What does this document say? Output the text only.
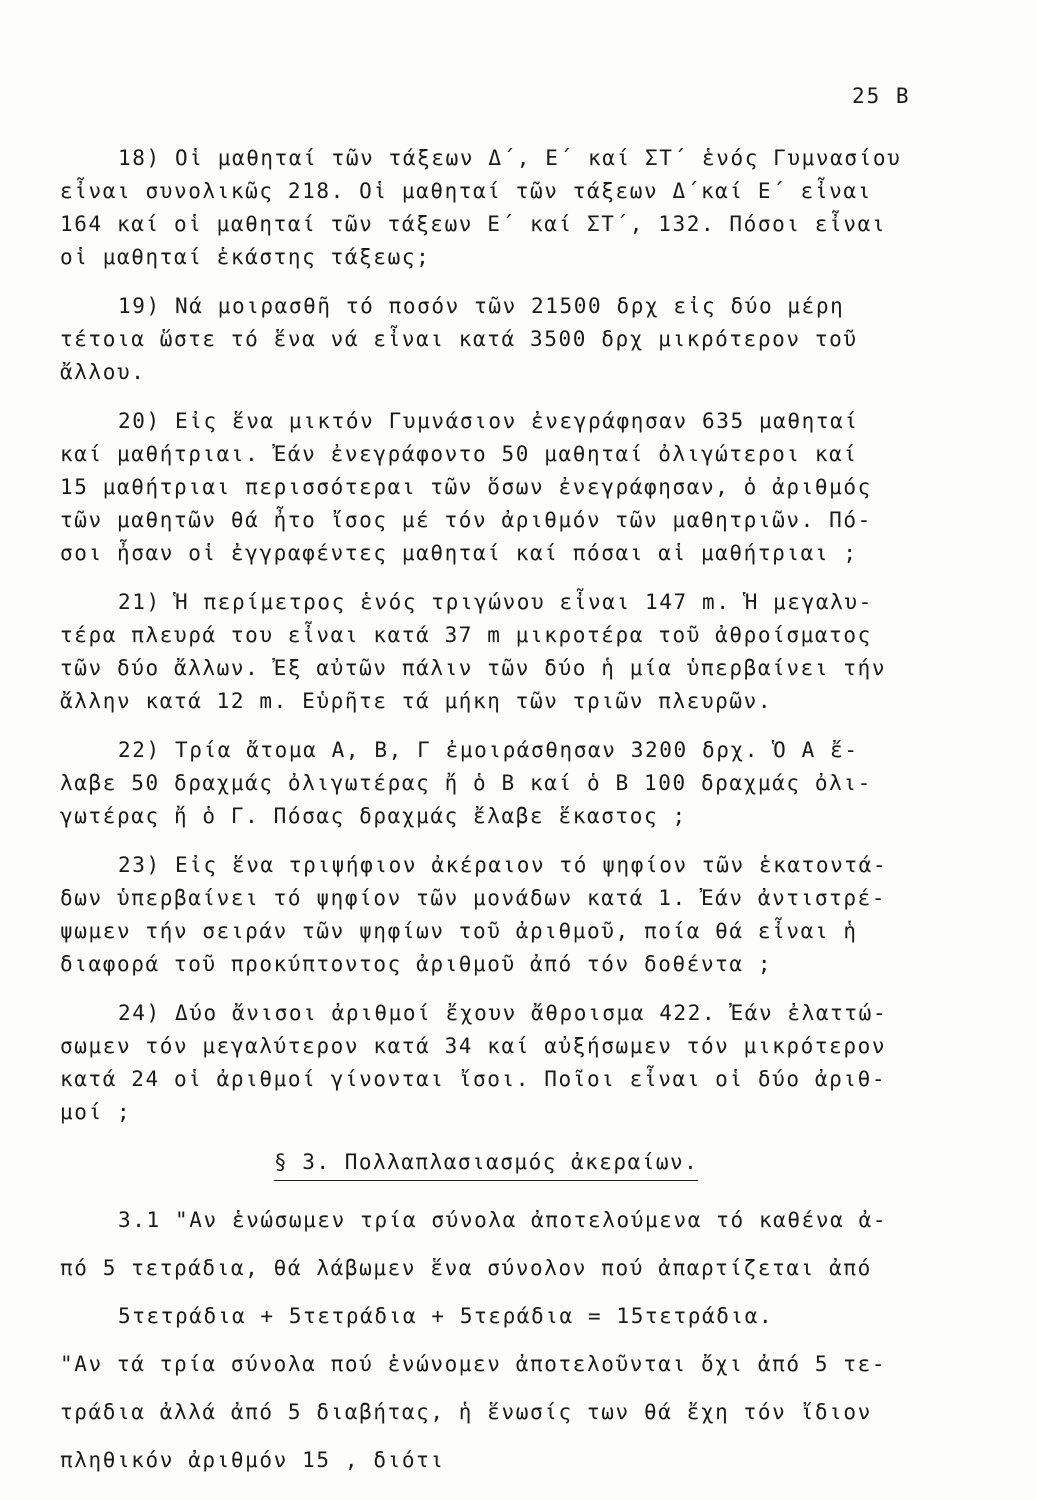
25 Β
18) Οἱ μαθηταί τῶν τάξεων Δ΄, Ε΄ καί ΣΤ΄ ἑνός Γυμνασίου
εἶναι συνολικῶς 218. Οἱ μαθηταί τῶν τάξεων Δ΄καί Ε΄ εἶναι
164 καί οἱ μαθηταί τῶν τάξεων Ε΄ καί ΣΤ΄, 132. Πόσοι εἶναι
οἱ μαθηταί ἑκάστης τάξεως;
19) Νά μοιρασθῆ τό ποσόν τῶν 21500 δρχ εἰς δύο μέρη
τέτοια ὥστε τό ἕνα νά εἶναι κατά 3500 δρχ μικρότερον τοῦ
ἄλλου.
20) Εἰς ἕνα μικτόν Γυμνάσιον ἐνεγράφησαν 635 μαθηταί
καί μαθήτριαι. Ἐάν ἐνεγράφοντο 50 μαθηταί ὀλιγώτεροι καί
15 μαθήτριαι περισσότεραι τῶν ὅσων ἐνεγράφησαν, ὁ ἀριθμός
τῶν μαθητῶν θά ἦτο ἴσος μέ τόν ἀριθμόν τῶν μαθητριῶν. Πό-
σοι ἦσαν οἱ ἐγγραφέντες μαθηταί καί πόσαι αἱ μαθήτριαι ;
21) Ἡ περίμετρος ἑνός τριγώνου εἶναι 147 m. Ἡ μεγαλυ-
τέρα πλευρά του εἶναι κατά 37 m μικροτέρα τοῦ ἀθροίσματος
τῶν δύο ἄλλων. Ἐξ αὐτῶν πάλιν τῶν δύο ἡ μία ὑπερβαίνει τήν
ἄλλην κατά 12 m. Εὑρῆτε τά μήκη τῶν τριῶν πλευρῶν.
22) Τρία ἄτομα Α, Β, Γ ἐμοιράσθησαν 3200 δρχ. Ὁ Α ἔ-
λαβε 50 δραχμάς ὀλιγωτέρας ἤ ὁ Β καί ὁ Β 100 δραχμάς ὀλι-
γωτέρας ἤ ὁ Γ. Πόσας δραχμάς ἔλαβε ἕκαστος ;
23) Εἰς ἕνα τριψήφιον ἀκέραιον τό ψηφίον τῶν ἑκατοντά-
δων ὑπερβαίνει τό ψηφίον τῶν μονάδων κατά 1. Ἐάν ἀντιστρέ-
ψωμεν τήν σειράν τῶν ψηφίων τοῦ ἀριθμοῦ, ποία θά εἶναι ἡ
διαφορά τοῦ προκύπτοντος ἀριθμοῦ ἀπό τόν δοθέντα ;
24) Δύο ἄνισοι ἀριθμοί ἔχουν ἄθροισμα 422. Ἐάν ἐλαττώ-
σωμεν τόν μεγαλύτερον κατά 34 καί αὐξήσωμεν τόν μικρότερον
κατά 24 οἱ ἀριθμοί γίνονται ἴσοι. Ποῖοι εἶναι οἱ δύο ἀριθ-
μοί ;
§ 3. Πολλαπλασιασμός ἀκεραίων.
3.1 "Αν ἑνώσωμεν τρία σύνολα ἀποτελούμενα τό καθένα ἀ-
πό 5 τετράδια, θά λάβωμεν ἕνα σύνολον πού ἀπαρτίζεται ἀπό
5τετράδια + 5τετράδια + 5τεράδια = 15τετράδια.
"Αν τά τρία σύνολα πού ἑνώνομεν ἀποτελοῦνται ὄχι ἀπό 5 τε-
τράδια ἀλλά ἀπό 5 διαβήτας, ἡ ἕνωσίς των θά ἔχη τόν ἴδιον
πληθικόν ἀριθμόν 15 , διότι
